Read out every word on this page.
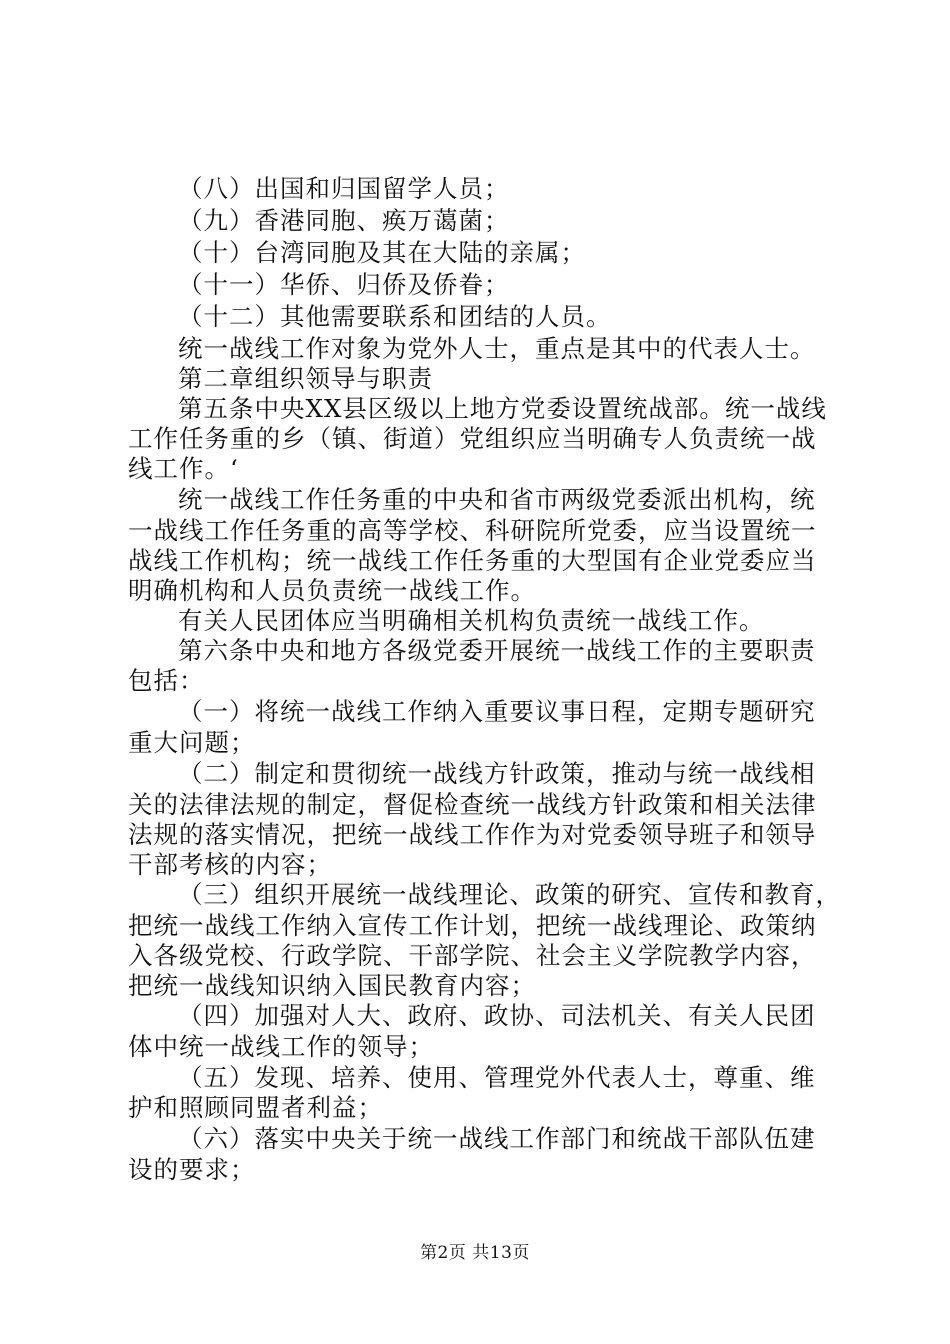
（八）出国和归国留学人员；
（九）香港同胞、痪万蔼菌；
（十）台湾同胞及其在大陆的亲属；
（十一）华侨、归侨及侨眷；
（十二）其他需要联系和团结的人员。
统一战线工作对象为党外人士，重点是其中的代表人士。
第二章组织领导与职责
第五条中央XX县区级以上地方党委设置统战部。统一战线
工作任务重的乡（镇、街道）党组织应当明确专人负责统一战
线工作。‘
统一战线工作任务重的中央和省市两级党委派出机构，统
一战线工作任务重的高等学校、科研院所党委，应当设置统一
战线工作机构；统一战线工作任务重的大型国有企业党委应当
明确机构和人员负责统一战线工作。
有关人民团体应当明确相关机构负责统一战线工作。
第六条中央和地方各级党委开展统一战线工作的主要职责
包括：
（一）将统一战线工作纳入重要议事日程，定期专题研究
重大问题；
（二）制定和贯彻统一战线方针政策，推动与统一战线相
关的法律法规的制定，督促检查统一战线方针政策和相关法律
法规的落实情况，把统一战线工作作为对党委领导班子和领导
干部考核的内容；
（三）组织开展统一战线理论、政策的研究、宣传和教育，
把统一战线工作纳入宣传工作计划，把统一战线理论、政策纳
入各级党校、行政学院、干部学院、社会主义学院教学内容，
把统一战线知识纳入国民教育内容；
（四）加强对人大、政府、政协、司法机关、有关人民团
体中统一战线工作的领导；
（五）发现、培养、使用、管理党外代表人士，尊重、维
护和照顾同盟者利益；
（六）落实中央关于统一战线工作部门和统战干部队伍建
设的要求；
第2页 共13页
